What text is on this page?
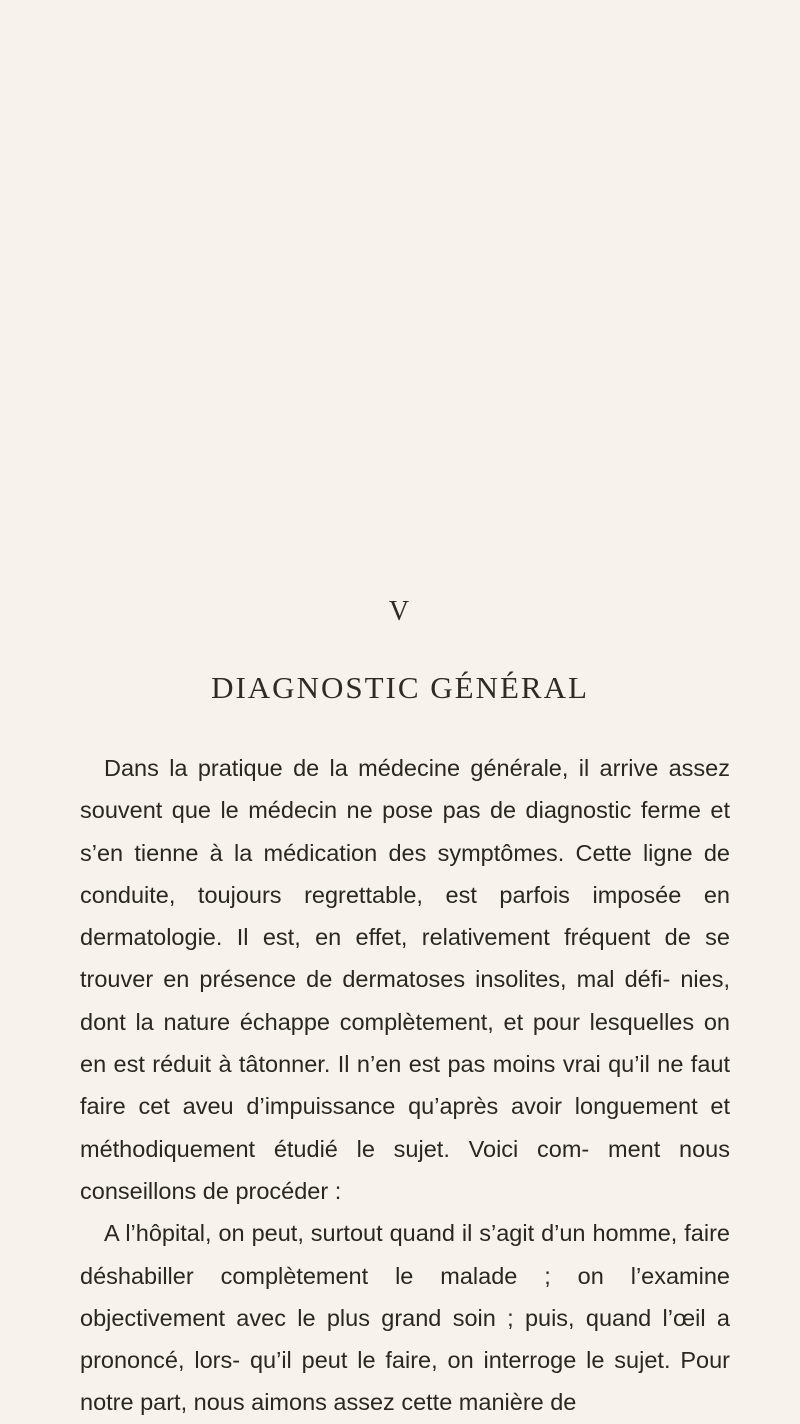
V
DIAGNOSTIC GÉNÉRAL

Dans la pratique de la médecine générale, il arrive assez souvent que le médecin ne pose pas de diagnostic ferme et s’en tienne à la médication des symptômes. Cette ligne de conduite, toujours regrettable, est parfois imposée en dermatologie. Il est, en effet, relativement fréquent de se trouver en présence de dermatoses insolites, mal défi- nies, dont la nature échappe complètement, et pour lesquelles on en est réduit à tâtonner. Il n’en est pas moins vrai qu’il ne faut faire cet aveu d’impuissance qu’après avoir longuement et méthodiquement étudié le sujet. Voici com- ment nous conseillons de procéder :

A l’hôpital, on peut, surtout quand il s’agit d’un homme, faire déshabiller complètement le malade ; on l’examine objectivement avec le plus grand soin ; puis, quand l’œil a prononcé, lors- qu’il peut le faire, on interroge le sujet. Pour notre part, nous aimons assez cette manière de
